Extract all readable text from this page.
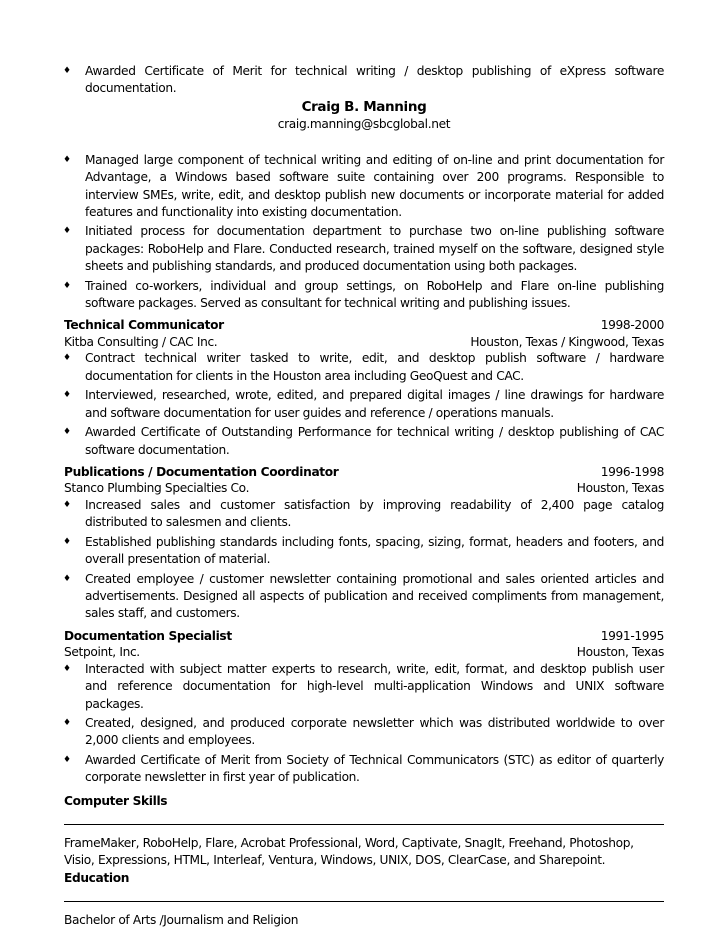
♦ Awarded Certificate of Merit for technical writing / desktop publishing of eXpress software documentation.
Craig B. Manning
craig.manning@sbcglobal.net
♦ Managed large component of technical writing and editing of on-line and print documentation for Advantage, a Windows based software suite containing over 200 programs. Responsible to interview SMEs, write, edit, and desktop publish new documents or incorporate material for added features and functionality into existing documentation.
♦ Initiated process for documentation department to purchase two on-line publishing software packages: RoboHelp and Flare. Conducted research, trained myself on the software, designed style sheets and publishing standards, and produced documentation using both packages.
♦ Trained co-workers, individual and group settings, on RoboHelp and Flare on-line publishing software packages. Served as consultant for technical writing and publishing issues.
Technical Communicator	1998-2000
Kitba Consulting / CAC Inc.	Houston, Texas / Kingwood, Texas
♦ Contract technical writer tasked to write, edit, and desktop publish software / hardware documentation for clients in the Houston area including GeoQuest and CAC.
♦ Interviewed, researched, wrote, edited, and prepared digital images / line drawings for hardware and software documentation for user guides and reference / operations manuals.
♦ Awarded Certificate of Outstanding Performance for technical writing / desktop publishing of CAC software documentation.
Publications / Documentation Coordinator	1996-1998
Stanco Plumbing Specialties Co.	Houston, Texas
♦ Increased sales and customer satisfaction by improving readability of 2,400 page catalog distributed to salesmen and clients.
♦ Established publishing standards including fonts, spacing, sizing, format, headers and footers, and overall presentation of material.
♦ Created employee / customer newsletter containing promotional and sales oriented articles and advertisements. Designed all aspects of publication and received compliments from management, sales staff, and customers.
Documentation Specialist	1991-1995
Setpoint, Inc.	Houston, Texas
♦ Interacted with subject matter experts to research, write, edit, format, and desktop publish user and reference documentation for high-level multi-application Windows and UNIX software packages.
♦ Created, designed, and produced corporate newsletter which was distributed worldwide to over 2,000 clients and employees.
♦ Awarded Certificate of Merit from Society of Technical Communicators (STC) as editor of quarterly corporate newsletter in first year of publication.
Computer Skills
FrameMaker, RoboHelp, Flare, Acrobat Professional, Word, Captivate, SnagIt, Freehand, Photoshop, Visio, Expressions, HTML, Interleaf, Ventura, Windows, UNIX, DOS, ClearCase, and Sharepoint.
Education
Bachelor of Arts /Journalism and Religion
